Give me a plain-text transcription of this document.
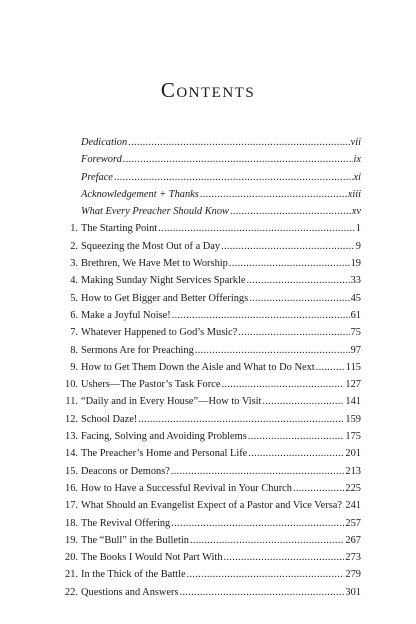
Contents
Dedication .....	vii
Foreword .....	ix
Preface .....	xi
Acknowledgement + Thanks .....	xiii
What Every Preacher Should Know .....	xv
1. The Starting Point .....	1
2. Squeezing the Most Out of a Day .....	9
3. Brethren, We Have Met to Worship .....	19
4. Making Sunday Night Services Sparkle .....	33
5. How to Get Bigger and Better Offerings .....	45
6. Make a Joyful Noise! .....	61
7. Whatever Happened to God’s Music? .....	75
8. Sermons Are for Preaching .....	97
9. How to Get Them Down the Aisle and What to Do Next .....	115
10. Ushers—The Pastor’s Task Force .....	127
11. “Daily and in Every House”—How to Visit .....	141
12. School Daze! .....	159
13. Facing, Solving and Avoiding Problems .....	175
14. The Preacher’s Home and Personal Life .....	201
15. Deacons or Demons? .....	213
16. How to Have a Successful Revival in Your Church .....	225
17. What Should an Evangelist Expect of a Pastor and Vice Versa? ..... 241
18. The Revival Offering .....	257
19. The “Bull” in the Bulletin .....	267
20. The Books I Would Not Part With .....	273
21. In the Thick of the Battle .....	279
22. Questions and Answers .....	301
